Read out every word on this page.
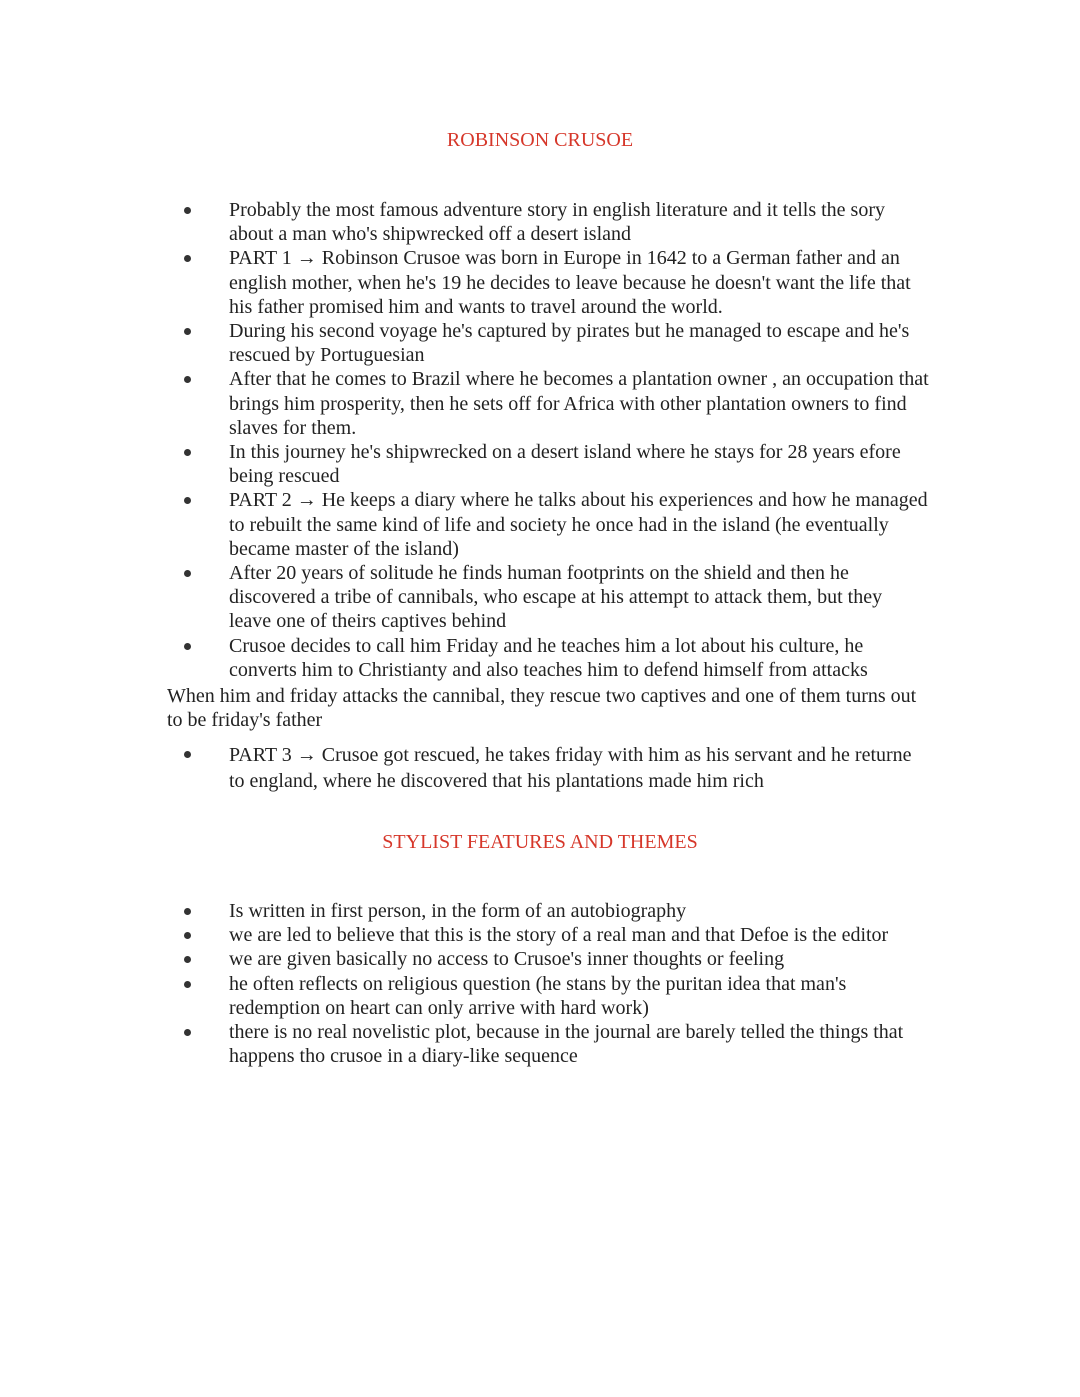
ROBINSON CRUSOE
Probably the most famous adventure story in english literature and it tells the sory about a man who's shipwrecked off a desert island
PART 1 → Robinson Crusoe was born in Europe in 1642 to a German father and an english mother, when he's 19 he decides to leave because he doesn't want the life that his father promised him and wants to travel around the world.
During his second voyage he's captured by pirates but he managed to escape and he's rescued by Portuguesian
After that he comes to Brazil where he becomes a plantation owner , an occupation that brings him prosperity, then he sets off for Africa with other plantation owners to find slaves for them.
In this journey he's shipwrecked on a desert island where he stays for 28 years efore being rescued
PART 2 → He keeps a diary where he talks about his experiences and how he managed to rebuilt the same kind of life and society he once had in the island (he eventually became master of the island)
After 20 years of solitude he finds human footprints on the shield and then he discovered a tribe of cannibals, who escape at his attempt to attack them, but they leave one of theirs captives behind
Crusoe decides to call him Friday and he teaches him a lot about his culture, he converts him to Christianty and also teaches him to defend himself from attacks

When him and friday attacks the cannibal, they rescue two captives and one of them turns out to be friday's father

PART 3 → Crusoe got rescued, he takes friday with him as his servant and he returne to england, where he discovered that his plantations made him rich
STYLIST FEATURES AND THEMES
Is written in first person, in the form of an autobiography
we are led to believe that this is the story of a real man and that Defoe is the editor
we are given basically no access to Crusoe's inner thoughts or feeling
he often reflects on religious question (he stans by the puritan idea that man's redemption on heart can only arrive with hard work)
there is no real novelistic plot, because in the journal are barely telled the things that happens tho crusoe in a diary-like sequence
